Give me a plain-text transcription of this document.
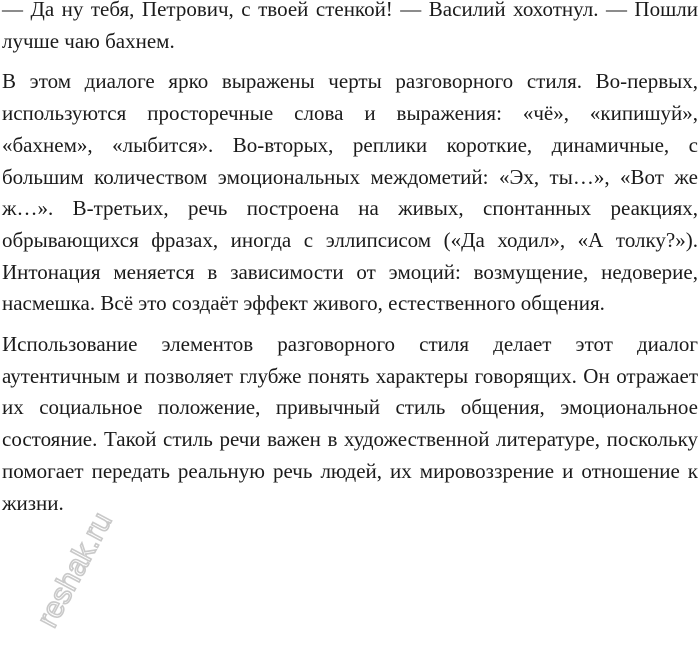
— Да ну тебя, Петрович, с твоей стенкой! — Василий хохотнул. — Пошли лучше чаю бахнем.

В этом диалоге ярко выражены черты разговорного стиля. Во-первых, используются просторечные слова и выражения: «чё», «кипишуй», «бахнем», «лыбится». Во-вторых, реплики короткие, динамичные, с большим количеством эмоциональных междометий: «Эх, ты…», «Вот же ж…». В-третьих, речь построена на живых, спонтанных реакциях, обрывающихся фразах, иногда с эллипсисом («Да ходил», «А толку?»). Интонация меняется в зависимости от эмоций: возмущение, недоверие, насмешка. Всё это создаёт эффект живого, естественного общения.

Использование элементов разговорного стиля делает этот диалог аутентичным и позволяет глубже понять характеры говорящих. Он отражает их социальное положение, привычный стиль общения, эмоциональное состояние. Такой стиль речи важен в художественной литературе, поскольку помогает передать реальную речь людей, их мировоззрение и отношение к жизни.

reshak.ru
